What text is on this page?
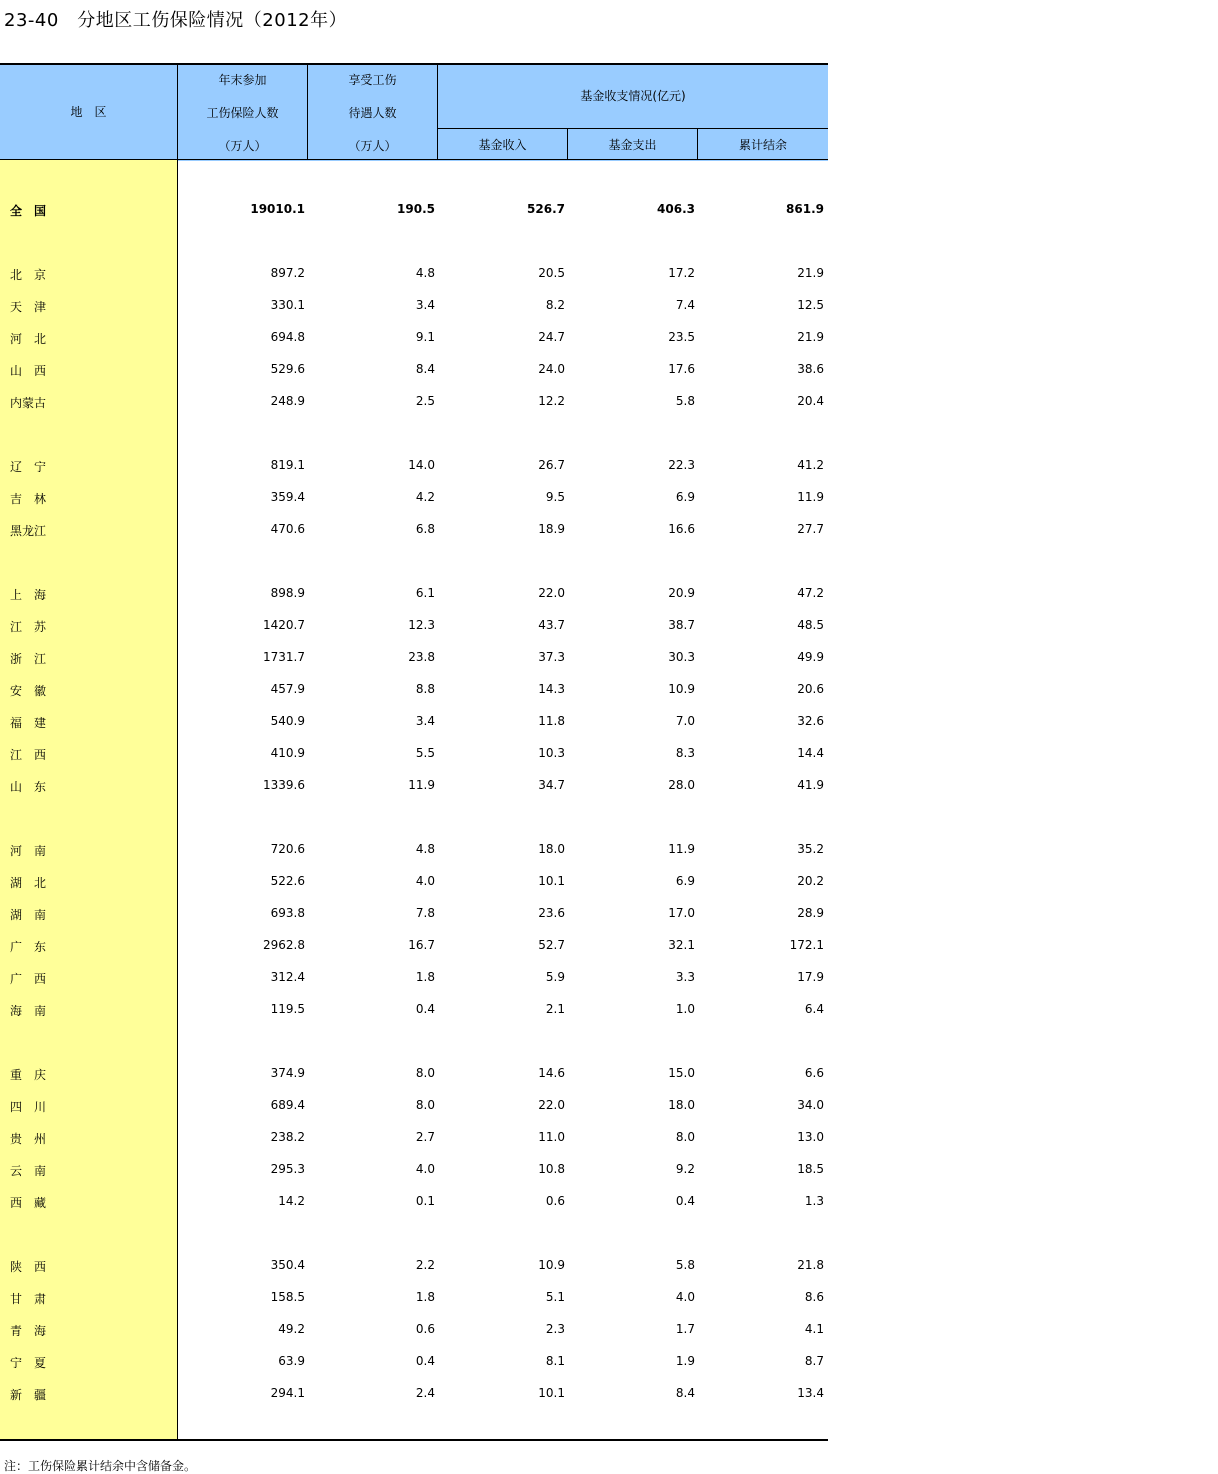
23-40　分地区工伤保险情况（2012年）
地　区
年末参加
工伤保险人数
（万人）
享受工伤
待遇人数
（万人）
基金收支情况(亿元)
基金收入	基金支出	累计结余
全　国	19010.1	190.5	526.7	406.3	861.9
北　京	897.2	4.8	20.5	17.2	21.9
天　津	330.1	3.4	8.2	7.4	12.5
河　北	694.8	9.1	24.7	23.5	21.9
山　西	529.6	8.4	24.0	17.6	38.6
内蒙古	248.9	2.5	12.2	5.8	20.4
辽　宁	819.1	14.0	26.7	22.3	41.2
吉　林	359.4	4.2	9.5	6.9	11.9
黑龙江	470.6	6.8	18.9	16.6	27.7
上　海	898.9	6.1	22.0	20.9	47.2
江　苏	1420.7	12.3	43.7	38.7	48.5
浙　江	1731.7	23.8	37.3	30.3	49.9
安　徽	457.9	8.8	14.3	10.9	20.6
福　建	540.9	3.4	11.8	7.0	32.6
江　西	410.9	5.5	10.3	8.3	14.4
山　东	1339.6	11.9	34.7	28.0	41.9
河　南	720.6	4.8	18.0	11.9	35.2
湖　北	522.6	4.0	10.1	6.9	20.2
湖　南	693.8	7.8	23.6	17.0	28.9
广　东	2962.8	16.7	52.7	32.1	172.1
广　西	312.4	1.8	5.9	3.3	17.9
海　南	119.5	0.4	2.1	1.0	6.4
重　庆	374.9	8.0	14.6	15.0	6.6
四　川	689.4	8.0	22.0	18.0	34.0
贵　州	238.2	2.7	11.0	8.0	13.0
云　南	295.3	4.0	10.8	9.2	18.5
西　藏	14.2	0.1	0.6	0.4	1.3
陕　西	350.4	2.2	10.9	5.8	21.8
甘　肃	158.5	1.8	5.1	4.0	8.6
青　海	49.2	0.6	2.3	1.7	4.1
宁　夏	63.9	0.4	8.1	1.9	8.7
新　疆	294.1	2.4	10.1	8.4	13.4
注：工伤保险累计结余中含储备金。
